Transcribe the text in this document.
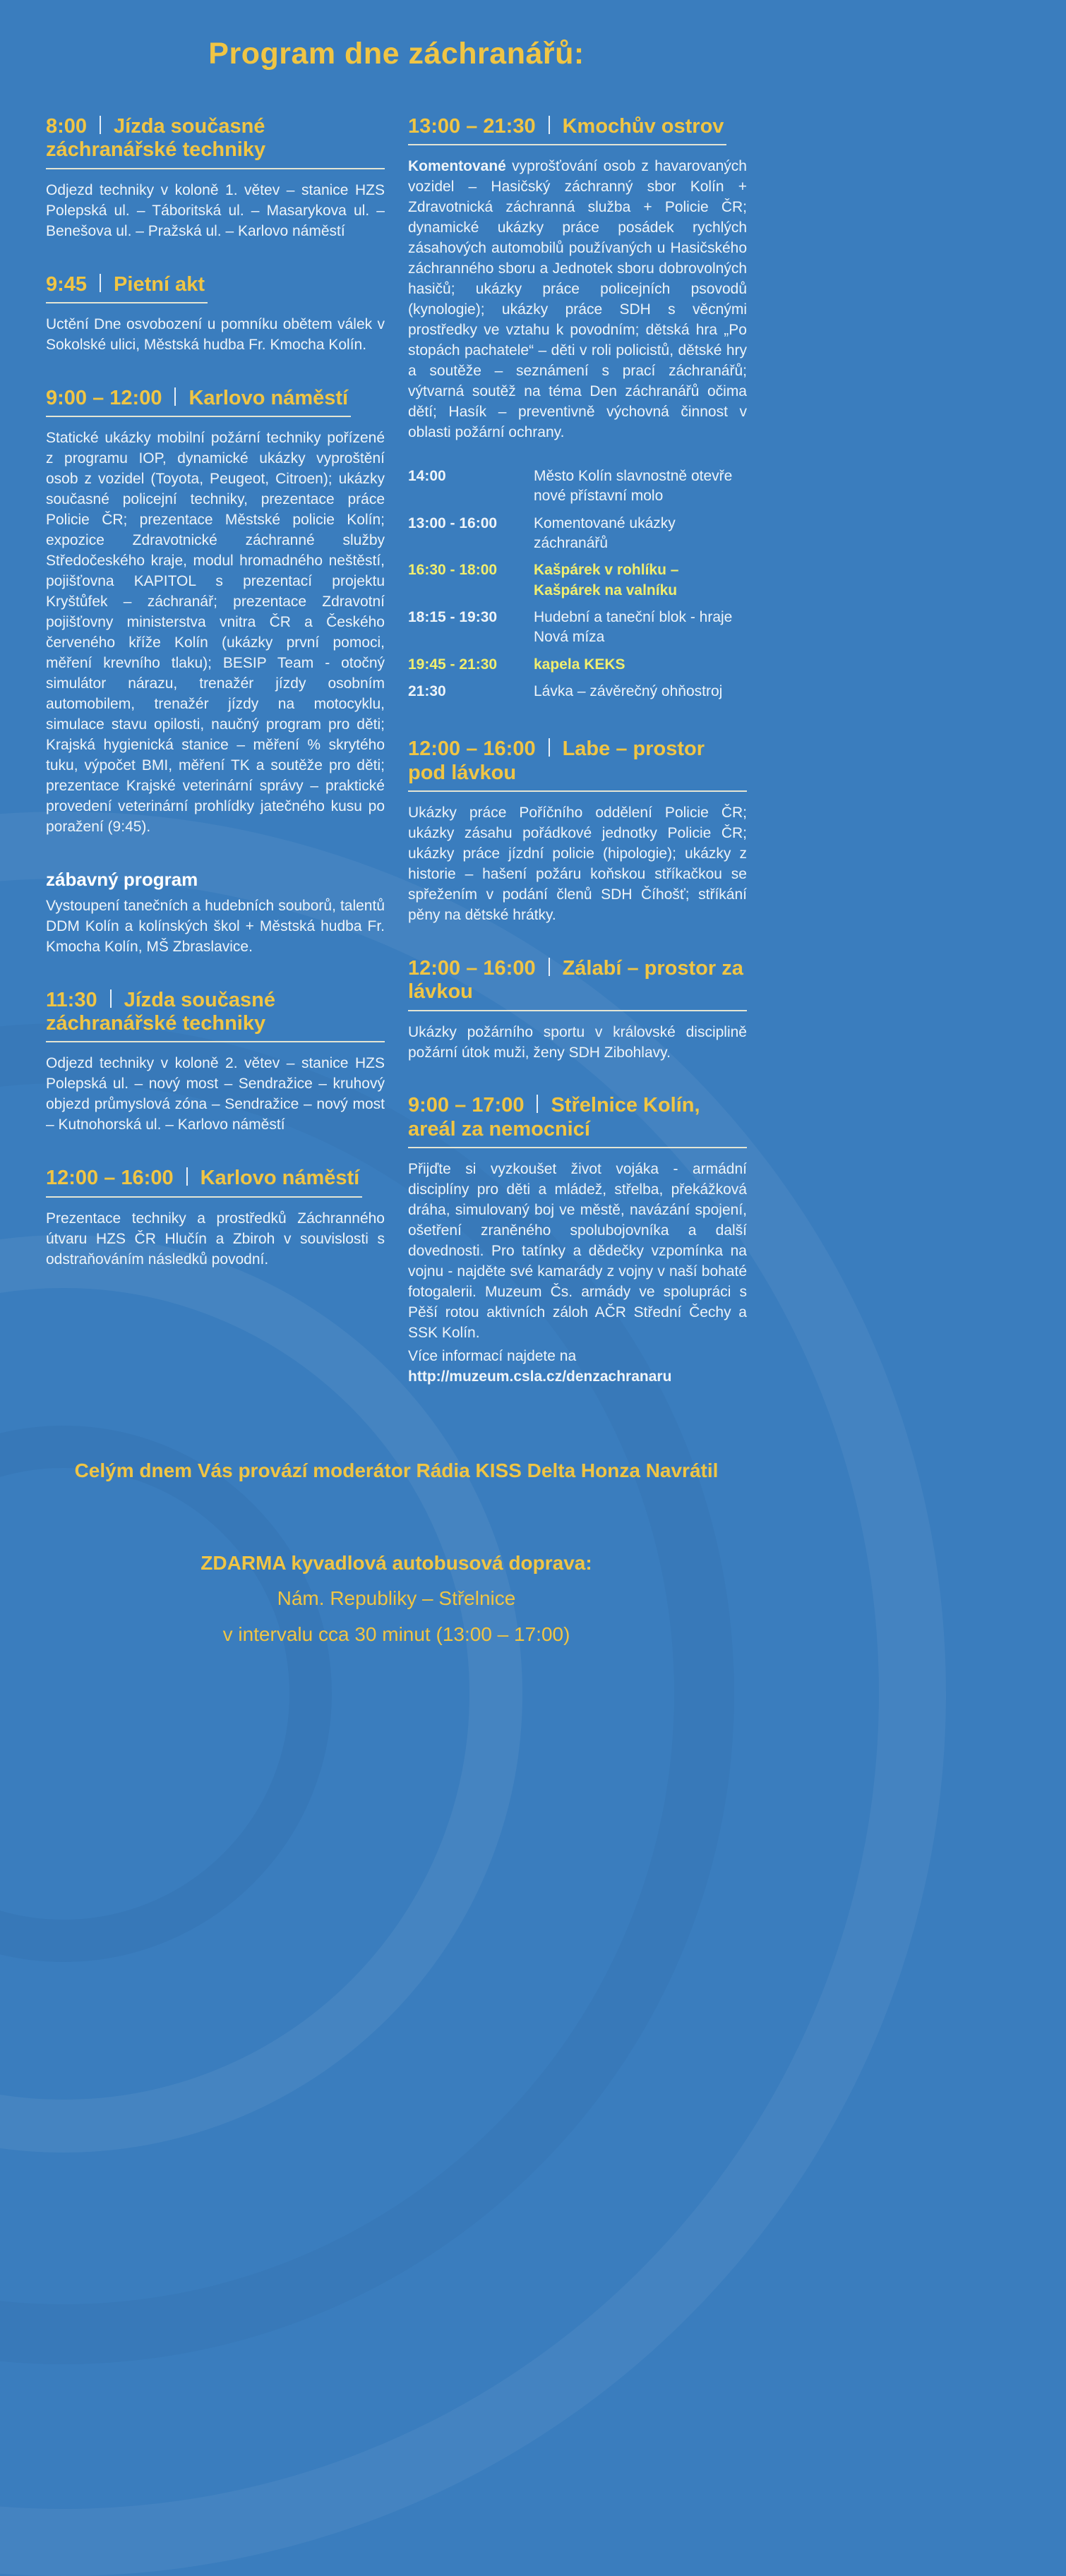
Program dne záchranářů:
8:00 Jízda současné záchranářské techniky

Odjezd techniky v koloně 1. větev – stanice HZS Polepská ul. – Táboritská ul. – Masarykova ul. – Benešova ul. – Pražská ul. – Karlovo náměstí

9:45 Pietní akt

Uctění Dne osvobození u pomníku obětem válek v Sokolské ulici, Městská hudba Fr. Kmocha Kolín.

9:00 – 12:00 Karlovo náměstí

Statické ukázky mobilní požární techniky pořízené z programu IOP, dynamické ukázky vyproštění osob z vozidel (Toyota, Peugeot, Citroen); ukázky současné policejní techniky, prezentace práce Policie ČR; prezentace Městské policie Kolín; expozice Zdravotnické záchranné služby Středočeského kraje, modul hromadného neštěstí, pojišťovna KAPITOL s prezentací projektu Kryštůfek – záchranář; prezentace Zdravotní pojišťovny ministerstva vnitra ČR a Českého červeného kříže Kolín (ukázky první pomoci, měření krevního tlaku); BESIP Team - otočný simulátor nárazu, trenažér jízdy osobním automobilem, trenažér jízdy na motocyklu, simulace stavu opilosti, naučný program pro děti; Krajská hygienická stanice – měření % skrytého tuku, výpočet BMI, měření TK a soutěže pro děti; prezentace Krajské veterinární správy – praktické provedení veterinární prohlídky jatečného kusu po poražení (9:45).

zábavný program

Vystoupení tanečních a hudebních souborů, talentů DDM Kolín a kolínských škol + Městská hudba Fr. Kmocha Kolín, MŠ Zbraslavice.

11:30 Jízda současné záchranářské techniky

Odjezd techniky v koloně 2. větev – stanice HZS Polepská ul. – nový most – Sendražice – kruhový objezd průmyslová zóna – Sendražice – nový most – Kutnohorská ul. – Karlovo náměstí

12:00 – 16:00 Karlovo náměstí

Prezentace techniky a prostředků Záchranného útvaru HZS ČR Hlučín a Zbiroh v souvislosti s odstraňováním následků povodní.

13:00 – 21:30 Kmochův ostrov

Komentované vyprošťování osob z havarovaných vozidel – Hasičský záchranný sbor Kolín + Zdravotnická záchranná služba + Policie ČR; dynamické ukázky práce posádek rychlých zásahových automobilů používaných u Hasičského záchranného sboru a Jednotek sboru dobrovolných hasičů; ukázky práce policejních psovodů (kynologie); ukázky práce SDH s věcnými prostředky ve vztahu k povodním; dětská hra „Po stopách pachatele“ – děti v roli policistů, dětské hry a soutěže – seznámení s prací záchranářů; výtvarná soutěž na téma Den záchranářů očima dětí; Hasík – preventivně výchovná činnost v oblasti požární ochrany.

14:00	Město Kolín slavnostně otevře nové přístavní molo
13:00 - 16:00	Komentované ukázky záchranářů
16:30 - 18:00	Kašpárek v rohlíku – Kašpárek na valníku
18:15 - 19:30	Hudební a taneční blok - hraje Nová míza
19:45 - 21:30	kapela KEKS
21:30	Lávka – závěrečný ohňostroj
12:00 – 16:00 Labe – prostor pod lávkou

Ukázky práce Poříčního oddělení Policie ČR; ukázky zásahu pořádkové jednotky Policie ČR; ukázky práce jízdní policie (hipologie); ukázky z historie – hašení požáru koňskou stříkačkou se spřežením v podání členů SDH Číhošť; stříkání pěny na dětské hrátky.

12:00 – 16:00 Zálabí – prostor za lávkou

Ukázky požárního sportu v královské disciplině požární útok muži, ženy SDH Zibohlavy.

9:00 – 17:00 Střelnice Kolín, areál za nemocnicí

Přijďte si vyzkoušet život vojáka - armádní disciplíny pro děti a mládež, střelba, překážková dráha, simulovaný boj ve městě, navázání spojení, ošetření zraněného spolubojovníka a další dovednosti. Pro tatínky a dědečky vzpomínka na vojnu - najděte své kamarády z vojny v naší bohaté fotogalerii. Muzeum Čs. armády ve spolupráci s Pěší rotou aktivních záloh AČR Střední Čechy a SSK Kolín.

Více informací najdete na http://muzeum.csla.cz/denzachranaru

Celým dnem Vás provází moderátor Rádia KISS Delta Honza Navrátil
ZDARMA kyvadlová autobusová doprava:
Nám. Republiky – Střelnice
v intervalu cca 30 minut (13:00 – 17:00)
